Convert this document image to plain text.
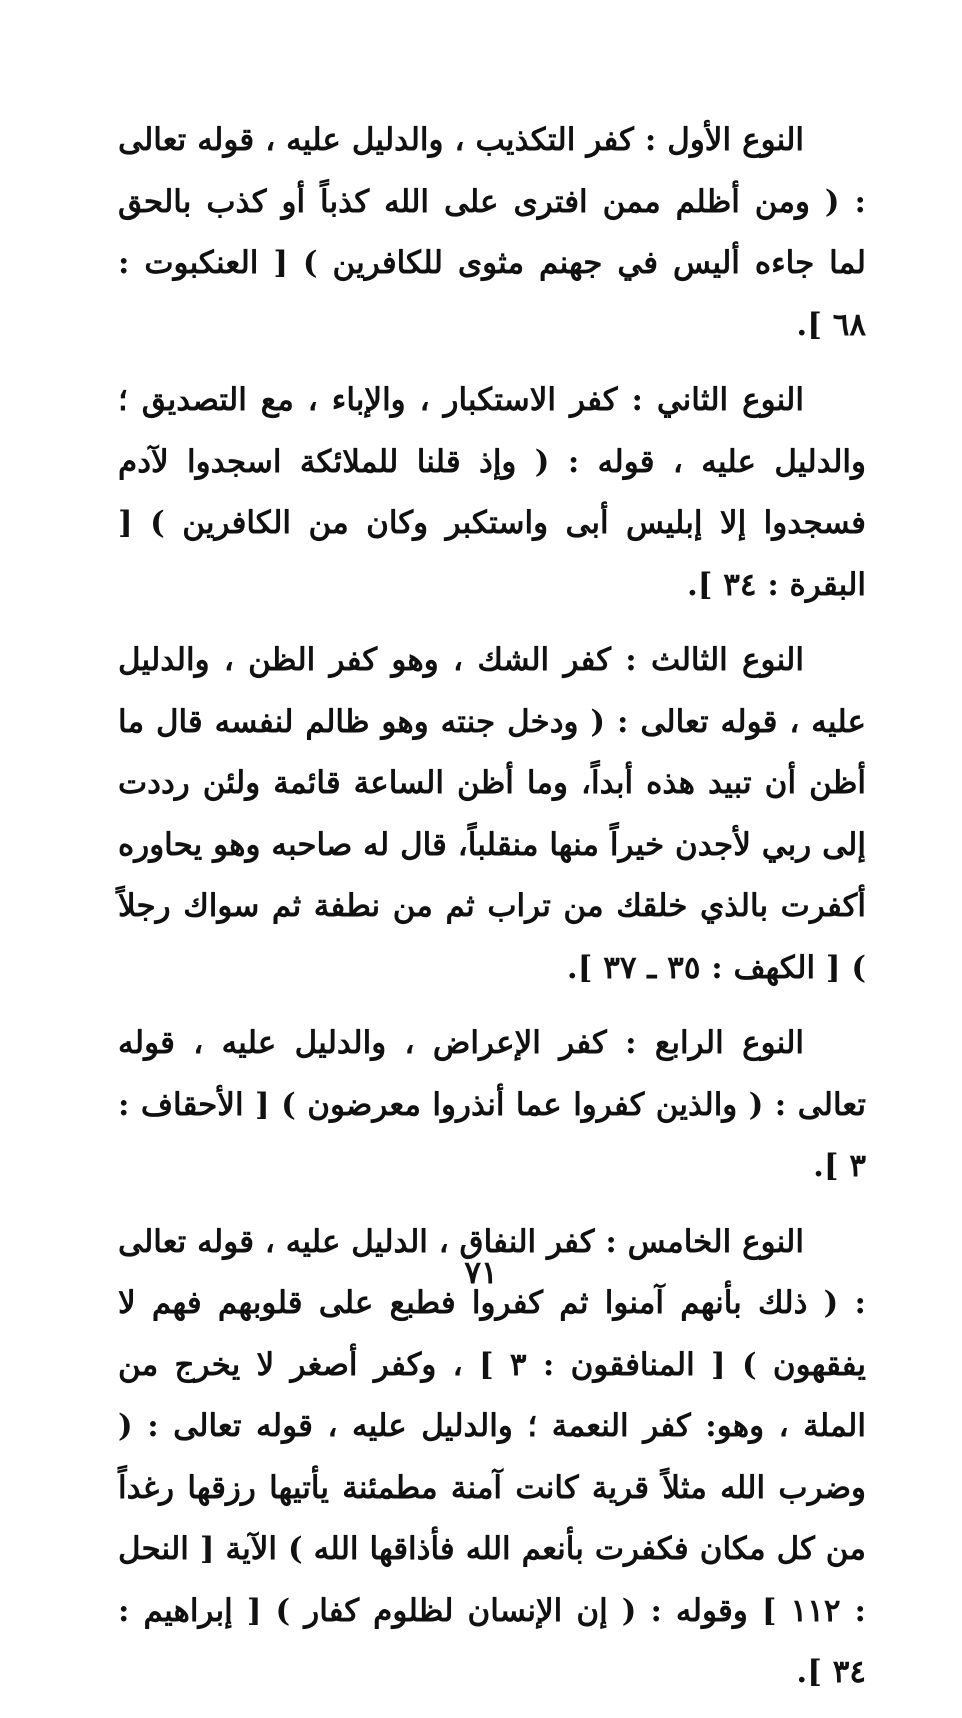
النوع الأول : كفر التكذيب ، والدليل عليه ، قوله تعالى : ( ومن أظلم ممن افترى على الله كذباً أو كذب بالحق لما جاءه أليس في جهنم مثوى للكافرين ) [ العنكبوت : ٦٨ ].

النوع الثاني : كفر الاستكبار ، والإباء ، مع التصديق ؛ والدليل عليه ، قوله : ( وإذ قلنا للملائكة اسجدوا لآدم فسجدوا إلا إبليس أبى واستكبر وكان من الكافرين ) [ البقرة : ٣٤ ].

النوع الثالث : كفر الشك ، وهو كفر الظن ، والدليل عليه ، قوله تعالى : ( ودخل جنته وهو ظالم لنفسه قال ما أظن أن تبيد هذه أبداً، وما أظن الساعة قائمة ولئن رددت إلى ربي لأجدن خيراً منها منقلباً، قال له صاحبه وهو يحاوره أكفرت بالذي خلقك من تراب ثم من نطفة ثم سواك رجلاً ) [ الكهف : ٣٥ ـ ٣٧ ].

النوع الرابع : كفر الإعراض ، والدليل عليه ، قوله تعالى : ( والذين كفروا عما أنذروا معرضون ) [ الأحقاف : ٣ ].

النوع الخامس : كفر النفاق ، الدليل عليه ، قوله تعالى : ( ذلك بأنهم آمنوا ثم كفروا فطبع على قلوبهم فهم لا يفقهون ) [ المنافقون : ٣ ] ، وكفر أصغر لا يخرج من الملة ، وهو: كفر النعمة ؛ والدليل عليه ، قوله تعالى : ( وضرب الله مثلاً قرية كانت آمنة مطمئنة يأتيها رزقها رغداً من كل مكان فكفرت بأنعم الله فأذاقها الله ) الآية [ النحل : ١١٢ ] وقوله : ( إن الإنسان لظلوم كفار ) [ إبراهيم : ٣٤ ].

٧١
